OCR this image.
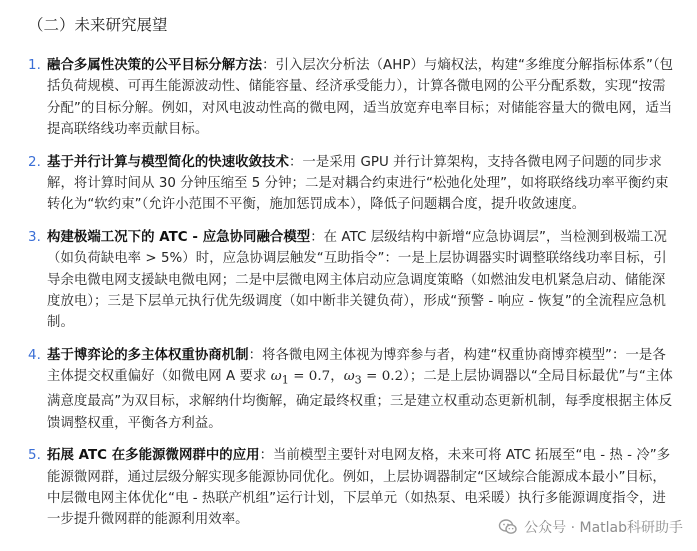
（二）未来研究展望
1. 融合多属性决策的公平目标分解方法：引入层次分析法（AHP）与熵权法，构建“多维度分解指标体系”（包括负荷规模、可再生能源波动性、储能容量、经济承受能力），计算各微电网的公平分配系数，实现“按需分配”的目标分解。例如，对风电波动性高的微电网，适当放宽弃电率目标；对储能容量大的微电网，适当提高联络线功率贡献目标。
2. 基于并行计算与模型简化的快速收敛技术：一是采用 GPU 并行计算架构，支持各微电网子问题的同步求解，将计算时间从 30 分钟压缩至 5 分钟；二是对耦合约束进行“松弛化处理”，如将联络线功率平衡约束转化为“软约束”（允许小范围不平衡，施加惩罚成本），降低子问题耦合度，提升收敛速度。
3. 构建极端工况下的 ATC - 应急协同融合模型：在 ATC 层级结构中新增“应急协调层”，当检测到极端工况（如负荷缺电率 > 5%）时，应急协调层触发“互助指令”：一是上层协调器实时调整联络线功率目标，引导余电微电网支援缺电微电网；二是中层微电网主体启动应急调度策略（如燃油发电机紧急启动、储能深度放电）；三是下层单元执行优先级调度（如中断非关键负荷），形成“预警 - 响应 - 恢复”的全流程应急机制。
4. 基于博弈论的多主体权重协商机制：将各微电网主体视为博弈参与者，构建“权重协商博弈模型”：一是各主体提交权重偏好（如微电网 A 要求 $\omega_1 = 0.7$，$\omega_3 = 0.2$）；二是上层协调器以“全局目标最优”与“主体满意度最高”为双目标，求解纳什均衡解，确定最终权重；三是建立权重动态更新机制，每季度根据主体反馈调整权重，平衡各方利益。
5. 拓展 ATC 在多能源微网群中的应用：当前模型主要针对电网友格，未来可将 ATC 拓展至“电 - 热 - 冷”多能源微网群，通过层级分解实现多能源协同优化。例如，上层协调器制定“区域综合能源成本最小”目标，中层微电网主体优化“电 - 热联产机组”运行计划，下层单元（如热泵、电采暖）执行多能源调度指令，进一步提升微网群的能源利用效率。
公众号 · Matlab科研助手
